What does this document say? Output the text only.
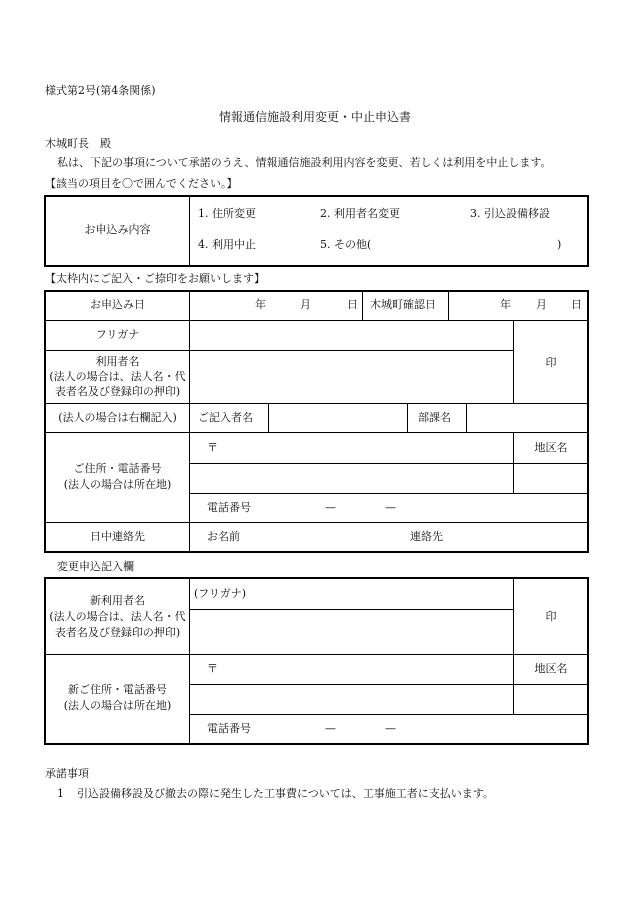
様式第2号(第4条関係)
情報通信施設利用変更・中止申込書
木城町長　殿
私は、下記の事項について承諾のうえ、情報通信施設利用内容を変更、若しくは利用を中止します。
【該当の項目を〇で囲んでください。】
お申込み内容
1. 住所変更	2. 利用者名変更	3. 引込設備移設
4. 利用中止	5. その他(	)
【太枠内にご記入・ご捺印をお願いします】
お申込み日	年	月	日 木城町確認日	年 月 日
フリガナ
利用者名
(法人の場合は、法人名・代
表者名及び登録印の押印)
印
(法人の場合は右欄記入)	ご記入者名	部課名
ご住所・電話番号
(法人の場合は所在地)
〒	地区名
電話番号	—	—
日中連絡先	お名前	連絡先
変更申込記入欄
新利用者名
(法人の場合は、法人名・代
表者名及び登録印の押印)
(フリガナ)
印
新ご住所・電話番号
(法人の場合は所在地)
〒	地区名
電話番号	—	—
承諾事項
1 引込設備移設及び撤去の際に発生した工事費については、工事施工者に支払います。
